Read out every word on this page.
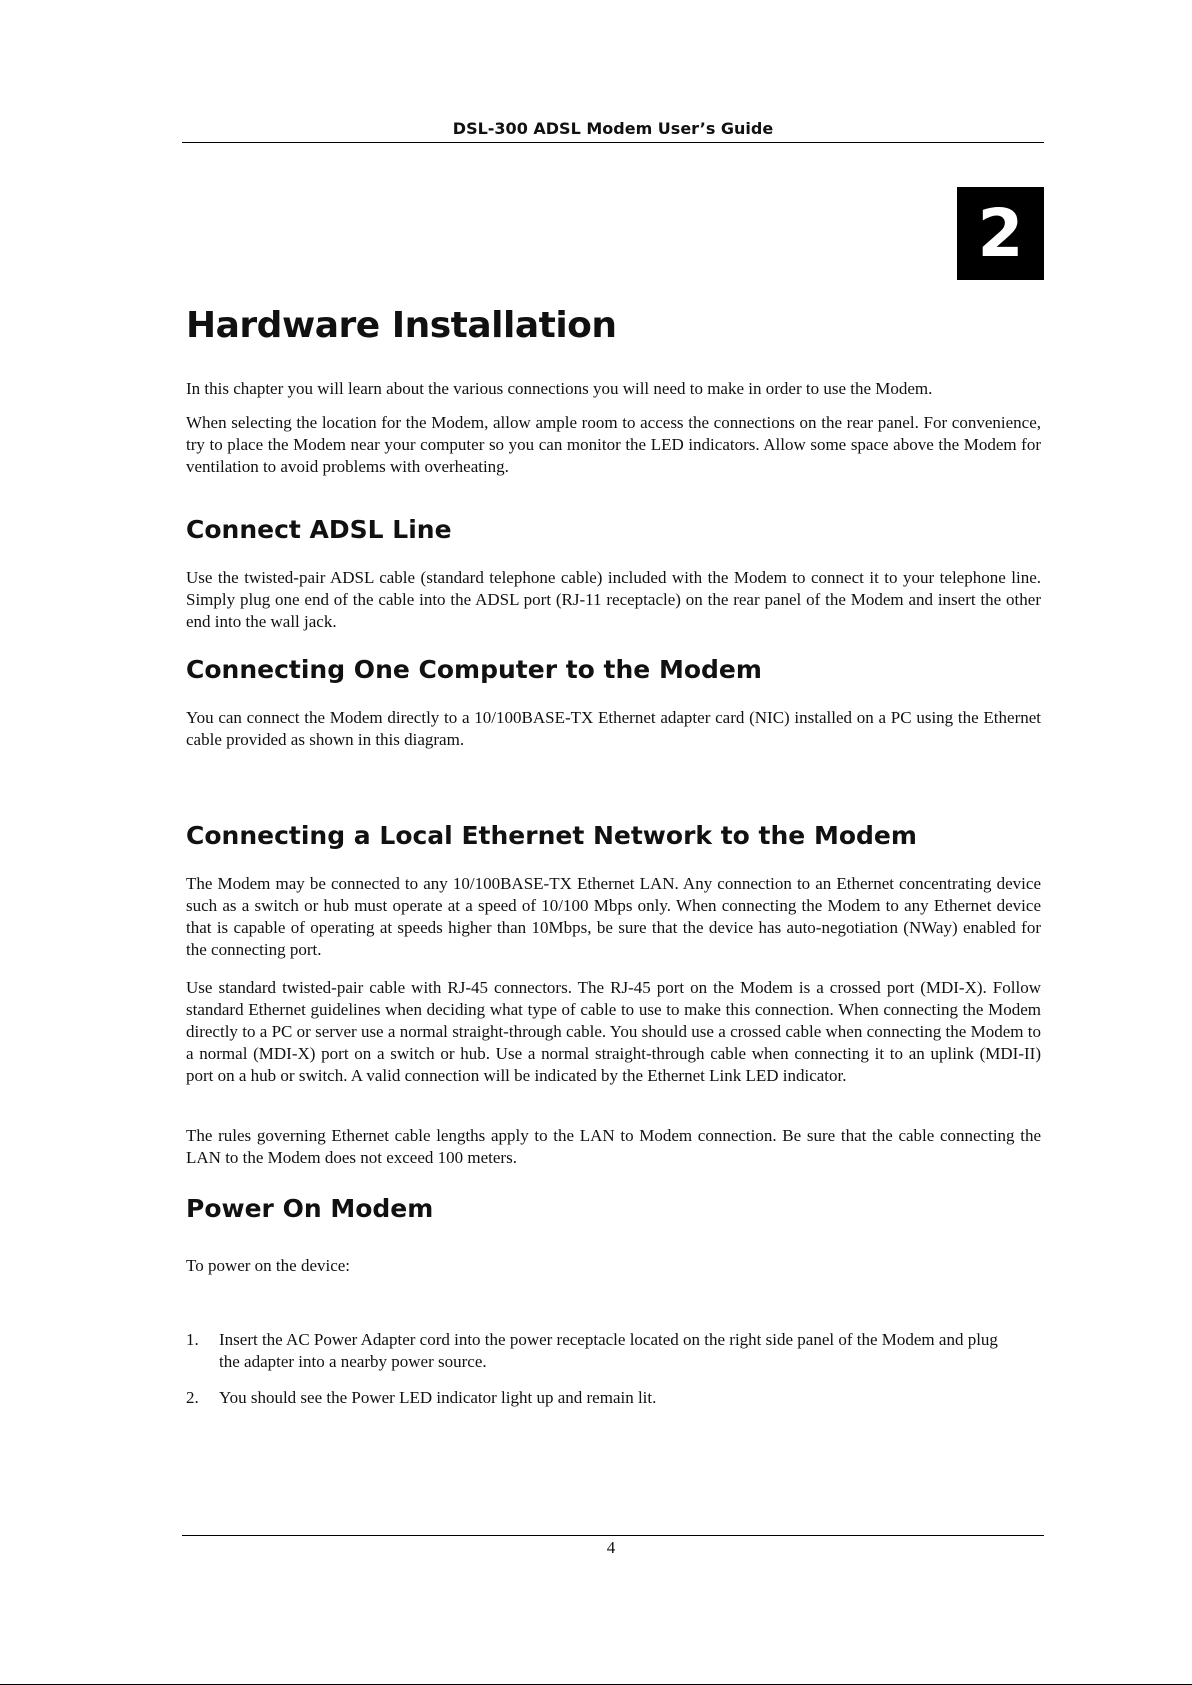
DSL-300 ADSL Modem User’s Guide
2
Hardware Installation

In this chapter you will learn about the various connections you will need to make in order to use the Modem.

When selecting the location for the Modem, allow ample room to access the connections on the rear panel. For convenience, try to place the Modem near your computer so you can monitor the LED indicators. Allow some space above the Modem for ventilation to avoid problems with overheating.

Connect ADSL Line

Use the twisted-pair ADSL cable (standard telephone cable) included with the Modem to connect it to your telephone line. Simply plug one end of the cable into the ADSL port (RJ-11 receptacle) on the rear panel of the Modem and insert the other end into the wall jack.

Connecting One Computer to the Modem

You can connect the Modem directly to a 10/100BASE-TX Ethernet adapter card (NIC) installed on a PC using the Ethernet cable provided as shown in this diagram.

Connecting a Local Ethernet Network to the Modem

The Modem may be connected to any 10/100BASE-TX Ethernet LAN. Any connection to an Ethernet concentrating device such as a switch or hub must operate at a speed of 10/100 Mbps only. When connecting the Modem to any Ethernet device that is capable of operating at speeds higher than 10Mbps, be sure that the device has auto-negotiation (NWay) enabled for the connecting port.

Use standard twisted-pair cable with RJ-45 connectors. The RJ-45 port on the Modem is a crossed port (MDI-X). Follow standard Ethernet guidelines when deciding what type of cable to use to make this connection. When connecting the Modem directly to a PC or server use a normal straight-through cable. You should use a crossed cable when connecting the Modem to a normal (MDI-X) port on a switch or hub. Use a normal straight-through cable when connecting it to an uplink (MDI-II) port on a hub or switch. A valid connection will be indicated by the Ethernet Link LED indicator.

The rules governing Ethernet cable lengths apply to the LAN to Modem connection. Be sure that the cable connecting the LAN to the Modem does not exceed 100 meters.

Power On Modem

To power on the device:

1. Insert the AC Power Adapter cord into the power receptacle located on the right side panel of the Modem and plug the adapter into a nearby power source.
2. You should see the Power LED indicator light up and remain lit.
4
